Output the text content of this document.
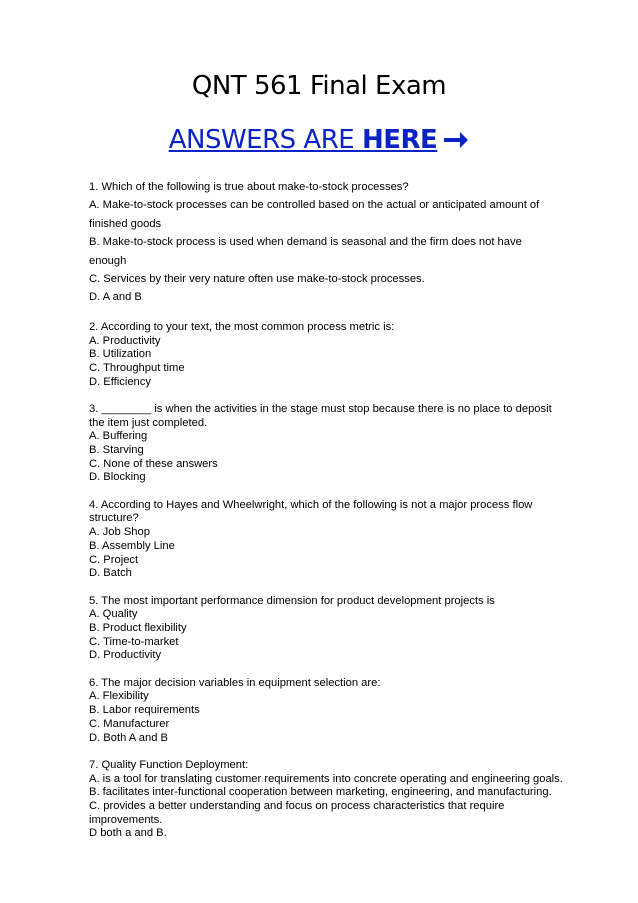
QNT 561 Final Exam
ANSWERS ARE HERE
1. Which of the following is true about make-to-stock processes?
A. Make-to-stock processes can be controlled based on the actual or anticipated amount of
finished goods
B. Make-to-stock process is used when demand is seasonal and the firm does not have
enough
C. Services by their very nature often use make-to-stock processes.
D. A and B
2. According to your text, the most common process metric is:
A. Productivity
B. Utilization
C. Throughput time
D. Efficiency
3. ________ is when the activities in the stage must stop because there is no place to deposit
the item just completed.
A. Buffering
B. Starving
C. None of these answers
D. Blocking
4. According to Hayes and Wheelwright, which of the following is not a major process flow
structure?
A. Job Shop
B. Assembly Line
C. Project
D. Batch
5. The most important performance dimension for product development projects is
A. Quality
B. Product flexibility
C. Time-to-market
D. Productivity
6. The major decision variables in equipment selection are:
A. Flexibility
B. Labor requirements
C. Manufacturer
D. Both A and B
7. Quality Function Deployment:
A. is a tool for translating customer requirements into concrete operating and engineering goals.
B. facilitates inter-functional cooperation between marketing, engineering, and manufacturing.
C. provides a better understanding and focus on process characteristics that require
improvements.
D both a and B.
